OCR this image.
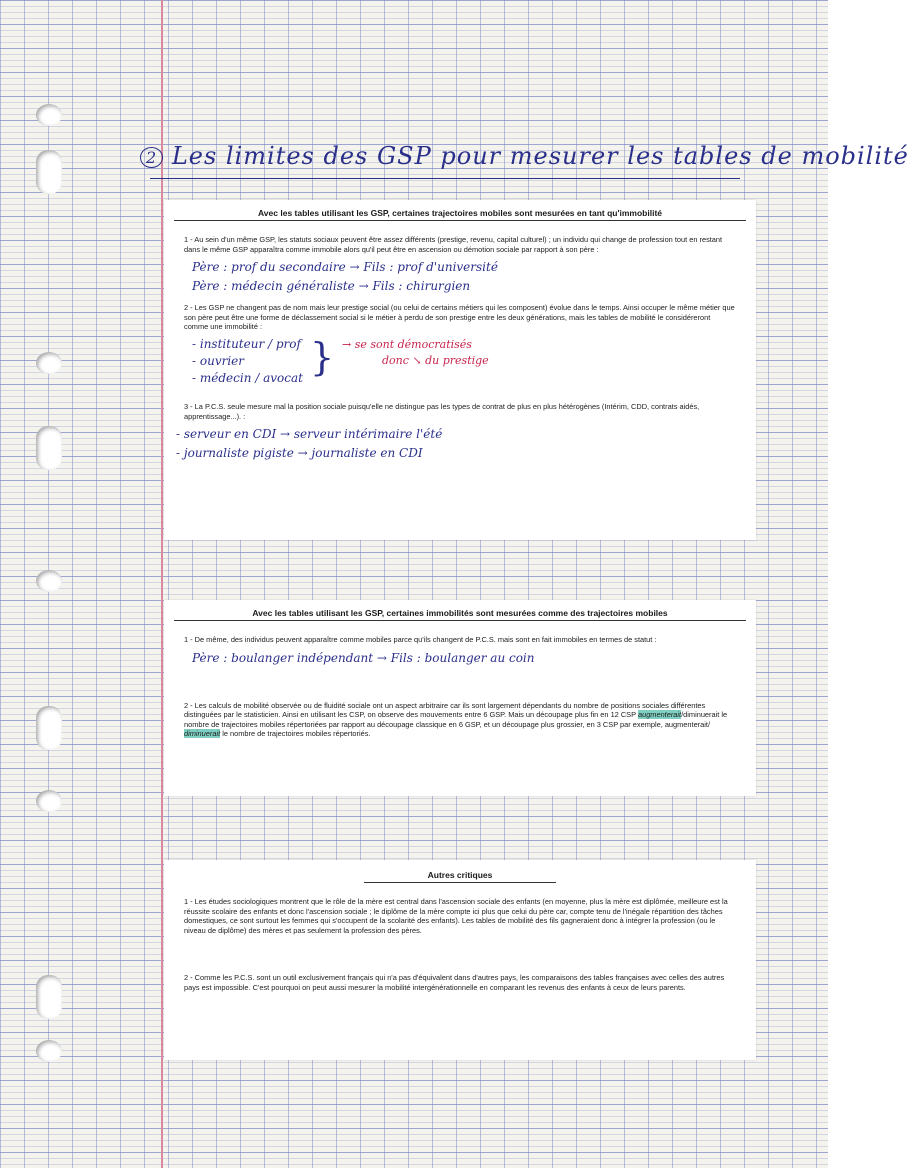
2 Les limites des GSP pour mesurer les tables de mobilité
Avec les tables utilisant les GSP, certaines trajectoires mobiles sont mesurées en tant qu'immobilité
1 - Au sein d'un même GSP, les statuts sociaux peuvent être assez différents (prestige, revenu, capital culturel) ; un individu qui change de profession tout en restant dans le même GSP apparaîtra comme immobile alors qu'il peut être en ascension ou démotion sociale par rapport à son père :
Père : prof du secondaire → Fils : prof d'université
Père : médecin généraliste → Fils : chirurgien
2 - Les GSP ne changent pas de nom mais leur prestige social (ou celui de certains métiers qui les composent) évolue dans le temps. Ainsi occuper le même métier que son père peut être une forme de déclassement social si le métier à perdu de son prestige entre les deux générations, mais les tables de mobilité le considéreront comme une immobilité :
- instituteur / prof
- ouvrier
- médecin / avocat } → se sont démocratisés
donc ↘ du prestige
3 - La P.C.S. seule mesure mal la position sociale puisqu'elle ne distingue pas les types de contrat de plus en plus hétérogènes (Intérim, CDD, contrats aidés, apprentissage...). :
- serveur en CDI → serveur intérimaire l'été
- journaliste pigiste → journaliste en CDI
Avec les tables utilisant les GSP, certaines immobilités sont mesurées comme des trajectoires mobiles
1 - De même, des individus peuvent apparaître comme mobiles parce qu'ils changent de P.C.S. mais sont en fait immobiles en termes de statut :
Père : boulanger indépendant → Fils : boulanger au coin
2 - Les calculs de mobilité observée ou de fluidité sociale ont un aspect arbitraire car ils sont largement dépendants du nombre de positions sociales différentes distinguées par le statisticien. Ainsi en utilisant les CSP, on observe des mouvements entre 6 GSP. Mais un découpage plus fin en 12 CSP augmenterait/diminuerait le nombre de trajectoires mobiles répertoriées par rapport au découpage classique en 6 GSP, et un découpage plus grossier, en 3 CSP par exemple, augmenterait/ diminuerait le nombre de trajectoires mobiles répertoriés.
Autres critiques
1 - Les études sociologiques montrent que le rôle de la mère est central dans l'ascension sociale des enfants (en moyenne, plus la mère est diplômée, meilleure est la réussite scolaire des enfants et donc l'ascension sociale ; le diplôme de la mère compte ici plus que celui du père car, compte tenu de l'inégale répartition des tâches domestiques, ce sont surtout les femmes qui s'occupent de la scolarité des enfants). Les tables de mobilité des fils gagneraient donc à intégrer la profession (ou le niveau de diplôme) des mères et pas seulement la profession des pères.
2 - Comme les P.C.S. sont un outil exclusivement français qui n'a pas d'équivalent dans d'autres pays, les comparaisons des tables françaises avec celles des autres pays est impossible. C'est pourquoi on peut aussi mesurer la mobilité intergénérationnelle en comparant les revenus des enfants à ceux de leurs parents.
